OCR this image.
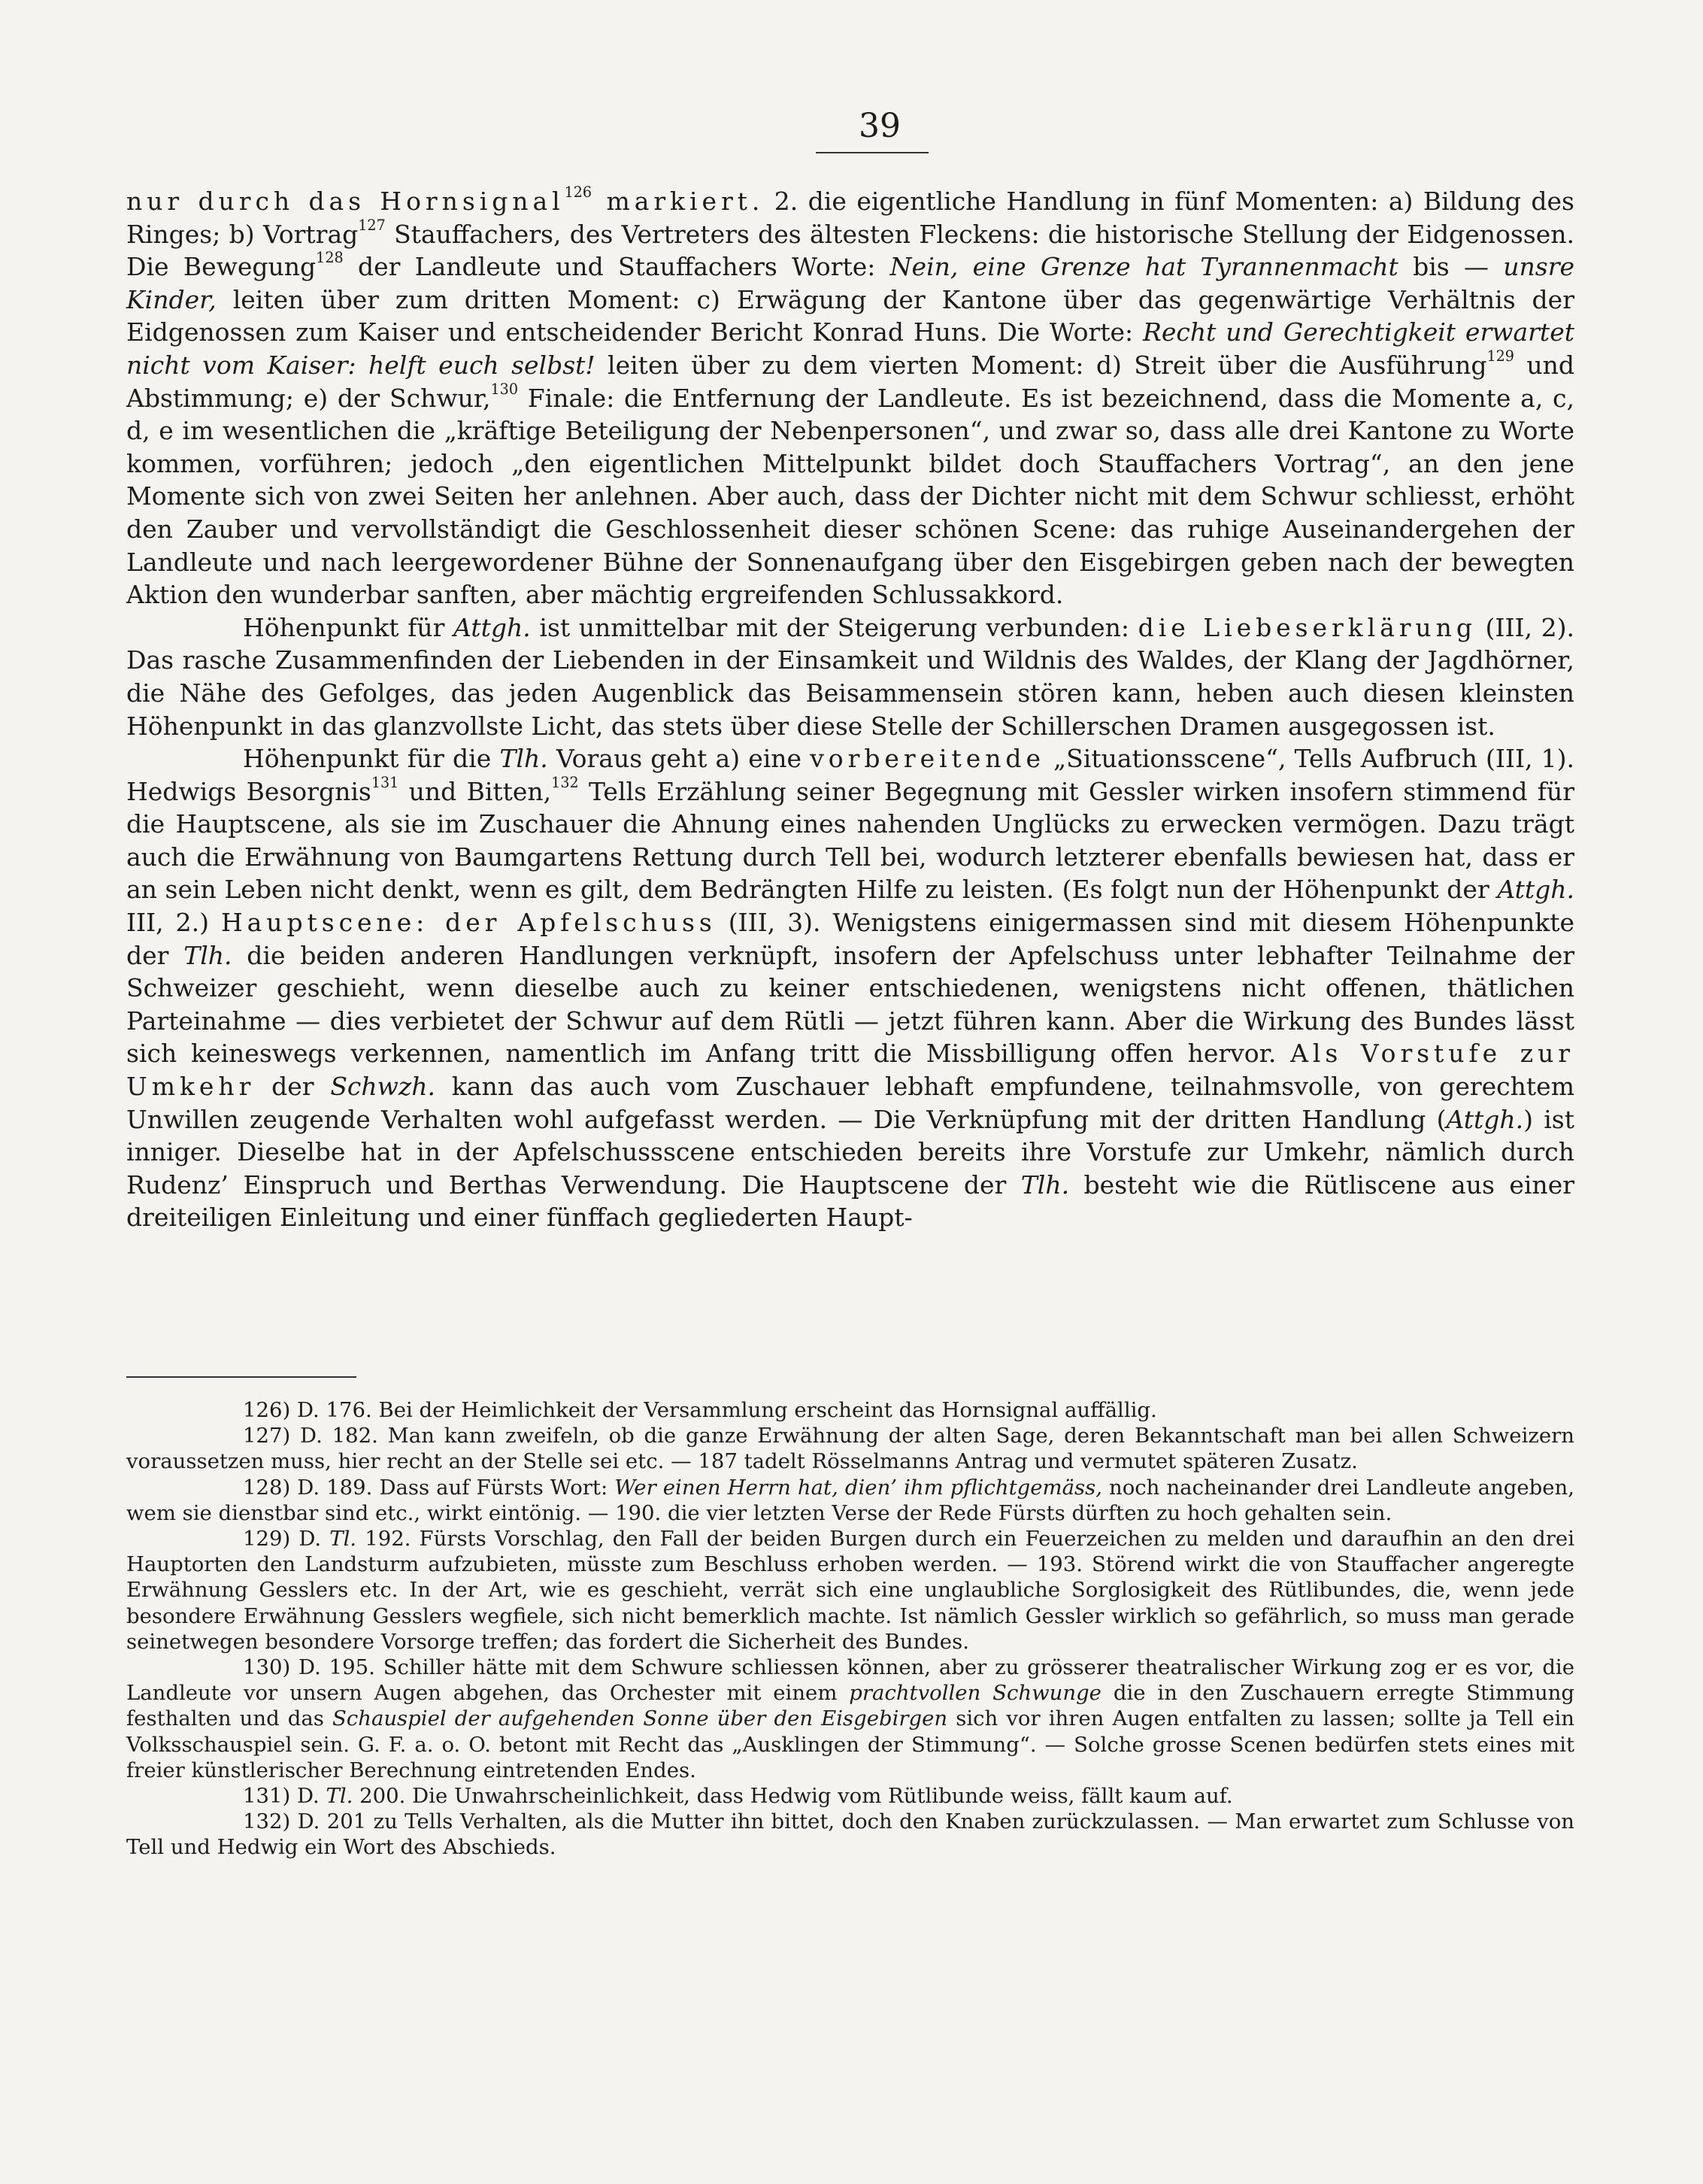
39

nur durch das Hornsignal$^{126}$ markiert. 2. die eigentliche Handlung in fünf Momenten: a) Bildung des Ringes; b) Vortrag$^{127}$ Stauffachers, des Vertreters des ältesten Fleckens: die historische Stellung der Eidgenossen. Die Bewegung$^{128}$ der Landleute und Stauffachers Worte: Nein, eine Grenze hat Tyrannenmacht bis — unsre Kinder, leiten über zum dritten Moment: c) Erwägung der Kantone über das gegenwärtige Verhältnis der Eidgenossen zum Kaiser und entscheidender Bericht Konrad Huns. Die Worte: Recht und Gerechtigkeit erwartet nicht vom Kaiser: helft euch selbst! leiten über zu dem vierten Moment: d) Streit über die Ausführung$^{129}$ und Abstimmung; e) der Schwur,$^{130}$ Finale: die Entfernung der Landleute. Es ist bezeichnend, dass die Momente a, c, d, e im wesentlichen die „kräftige Beteiligung der Nebenpersonen“, und zwar so, dass alle drei Kantone zu Worte kommen, vorführen; jedoch „den eigentlichen Mittelpunkt bildet doch Stauffachers Vortrag“, an den jene Momente sich von zwei Seiten her anlehnen. Aber auch, dass der Dichter nicht mit dem Schwur schliesst, erhöht den Zauber und vervollständigt die Geschlossenheit dieser schönen Scene: das ruhige Auseinandergehen der Landleute und nach leergewordener Bühne der Sonnenaufgang über den Eisgebirgen geben nach der bewegten Aktion den wunderbar sanften, aber mächtig ergreifenden Schlussakkord.

Höhenpunkt für Attgh. ist unmittelbar mit der Steigerung verbunden: die Liebeserklärung (III, 2). Das rasche Zusammenfinden der Liebenden in der Einsamkeit und Wildnis des Waldes, der Klang der Jagdhörner, die Nähe des Gefolges, das jeden Augenblick das Beisammensein stören kann, heben auch diesen kleinsten Höhenpunkt in das glanzvollste Licht, das stets über diese Stelle der Schillerschen Dramen ausgegossen ist.

Höhenpunkt für die Tlh. Voraus geht a) eine vorbereitende „Situationsscene“, Tells Aufbruch (III, 1). Hedwigs Besorgnis$^{131}$ und Bitten,$^{132}$ Tells Erzählung seiner Begegnung mit Gessler wirken insofern stimmend für die Hauptscene, als sie im Zuschauer die Ahnung eines nahenden Unglücks zu erwecken vermögen. Dazu trägt auch die Erwähnung von Baumgartens Rettung durch Tell bei, wodurch letzterer ebenfalls bewiesen hat, dass er an sein Leben nicht denkt, wenn es gilt, dem Bedrängten Hilfe zu leisten. (Es folgt nun der Höhenpunkt der Attgh. III, 2.) Hauptscene: der Apfelschuss (III, 3). Wenigstens einigermassen sind mit diesem Höhenpunkte der Tlh. die beiden anderen Handlungen verknüpft, insofern der Apfelschuss unter lebhafter Teilnahme der Schweizer geschieht, wenn dieselbe auch zu keiner entschiedenen, wenigstens nicht offenen, thätlichen Parteinahme — dies verbietet der Schwur auf dem Rütli — jetzt führen kann. Aber die Wirkung des Bundes lässt sich keineswegs verkennen, namentlich im Anfang tritt die Missbilligung offen hervor. Als Vorstufe zur Umkehr der Schwzh. kann das auch vom Zuschauer lebhaft empfundene, teilnahmsvolle, von gerechtem Unwillen zeugende Verhalten wohl aufgefasst werden. — Die Verknüpfung mit der dritten Handlung (Attgh.) ist inniger. Dieselbe hat in der Apfelschussscene entschieden bereits ihre Vorstufe zur Umkehr, nämlich durch Rudenz’ Einspruch und Berthas Verwendung. Die Hauptscene der Tlh. besteht wie die Rütliscene aus einer dreiteiligen Einleitung und einer fünffach gegliederten Haupt-

126) D. 176. Bei der Heimlichkeit der Versammlung erscheint das Hornsignal auffällig.

127) D. 182. Man kann zweifeln, ob die ganze Erwähnung der alten Sage, deren Bekanntschaft man bei allen Schweizern voraussetzen muss, hier recht an der Stelle sei etc. — 187 tadelt Rösselmanns Antrag und vermutet späteren Zusatz.

128) D. 189. Dass auf Fürsts Wort: Wer einen Herrn hat, dien’ ihm pflichtgemäss, noch nacheinander drei Landleute angeben, wem sie dienstbar sind etc., wirkt eintönig. — 190. die vier letzten Verse der Rede Fürsts dürften zu hoch gehalten sein.

129) D. Tl. 192. Fürsts Vorschlag, den Fall der beiden Burgen durch ein Feuerzeichen zu melden und daraufhin an den drei Hauptorten den Landsturm aufzubieten, müsste zum Beschluss erhoben werden. — 193. Störend wirkt die von Stauffacher angeregte Erwähnung Gesslers etc. In der Art, wie es geschieht, verrät sich eine unglaubliche Sorglosigkeit des Rütlibundes, die, wenn jede besondere Erwähnung Gesslers wegfiele, sich nicht bemerklich machte. Ist nämlich Gessler wirklich so gefährlich, so muss man gerade seinetwegen besondere Vorsorge treffen; das fordert die Sicherheit des Bundes.

130) D. 195. Schiller hätte mit dem Schwure schliessen können, aber zu grösserer theatralischer Wirkung zog er es vor, die Landleute vor unsern Augen abgehen, das Orchester mit einem prachtvollen Schwunge die in den Zuschauern erregte Stimmung festhalten und das Schauspiel der aufgehenden Sonne über den Eisgebirgen sich vor ihren Augen entfalten zu lassen; sollte ja Tell ein Volksschauspiel sein. G. F. a. o. O. betont mit Recht das „Ausklingen der Stimmung“. — Solche grosse Scenen bedürfen stets eines mit freier künstlerischer Berechnung eintretenden Endes.

131) D. Tl. 200. Die Unwahrscheinlichkeit, dass Hedwig vom Rütlibunde weiss, fällt kaum auf.

132) D. 201 zu Tells Verhalten, als die Mutter ihn bittet, doch den Knaben zurückzulassen. — Man erwartet zum Schlusse von Tell und Hedwig ein Wort des Abschieds.
